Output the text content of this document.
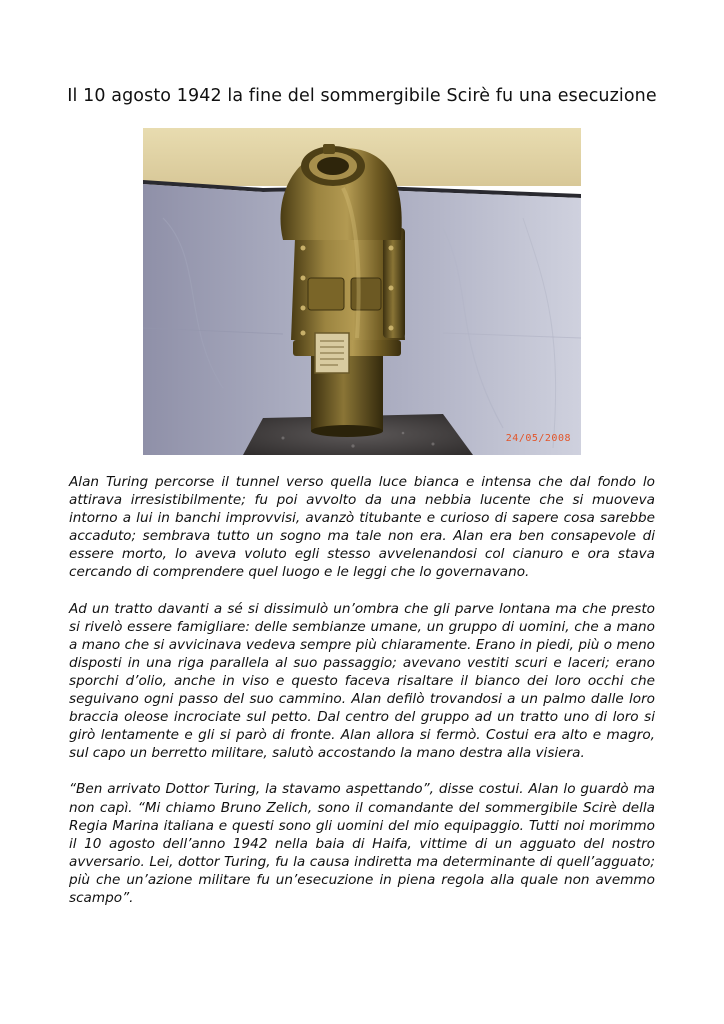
Il 10 agosto 1942 la fine del sommergibile Scirè fu una esecuzione
24/05/2008

Alan Turing percorse il tunnel verso quella luce bianca e intensa che dal fondo lo attirava irresistibilmente; fu poi avvolto da una nebbia lucente che si muoveva intorno a lui in banchi improvvisi, avanzò titubante e curioso di sapere cosa sarebbe accaduto; sembrava tutto un sogno ma tale non era. Alan era ben consapevole di essere morto, lo aveva voluto egli stesso avvelenandosi col cianuro e ora stava cercando di comprendere quel luogo e le leggi che lo governavano.

Ad un tratto davanti a sé si dissimulò un’ombra che gli parve lontana ma che presto si rivelò essere famigliare: delle sembianze umane, un gruppo di uomini, che a mano a mano che si avvicinava vedeva sempre più chiaramente. Erano in piedi, più o meno disposti in una riga parallela al suo passaggio; avevano vestiti scuri e laceri; erano sporchi d’olio, anche in viso e questo faceva risaltare il bianco dei loro occhi che seguivano ogni passo del suo cammino. Alan defilò trovandosi a un palmo dalle loro braccia oleose incrociate sul petto. Dal centro del gruppo ad un tratto uno di loro si girò lentamente e gli si parò di fronte. Alan allora si fermò. Costui era alto e magro, sul capo un berretto militare, salutò accostando la mano destra alla visiera.

“Ben arrivato Dottor Turing, la stavamo aspettando”, disse costui. Alan lo guardò ma non capì. “Mi chiamo Bruno Zelich, sono il comandante del sommergibile Scirè della Regia Marina italiana e questi sono gli uomini del mio equipaggio. Tutti noi morimmo il 10 agosto dell’anno 1942 nella baia di Haifa, vittime di un agguato del nostro avversario. Lei, dottor Turing, fu la causa indiretta ma determinante di quell’agguato; più che un’azione militare fu un’esecuzione in piena regola alla quale non avemmo scampo”.
